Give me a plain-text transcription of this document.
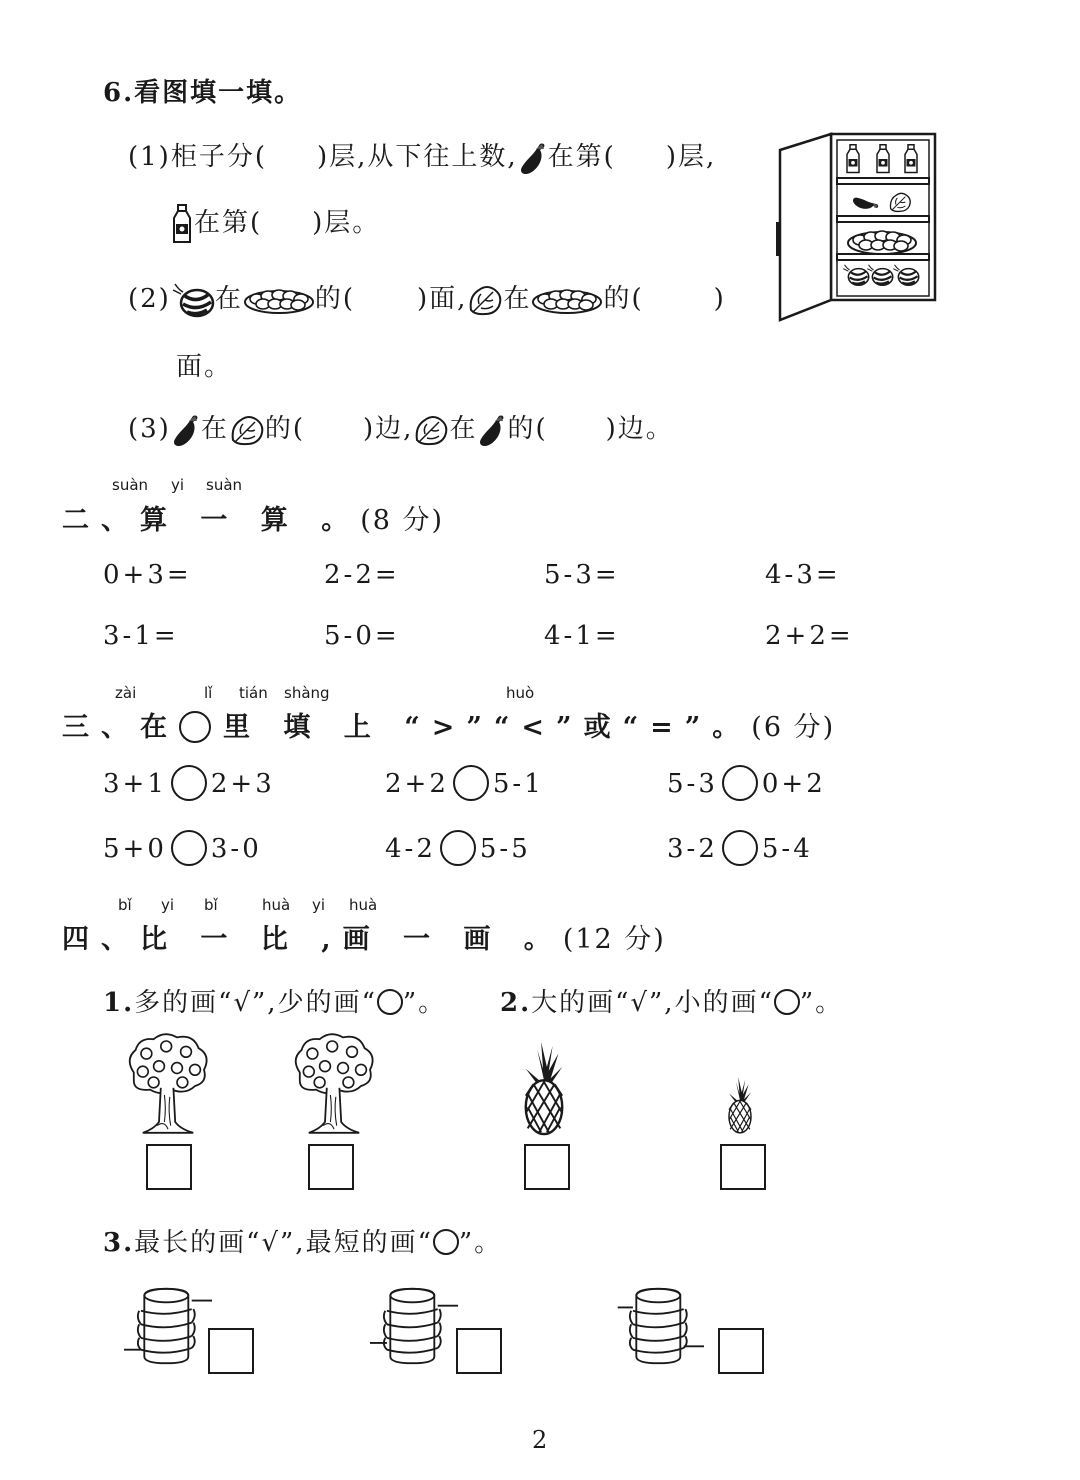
6.看图填一填。
(1)柜子分( )层,从下往上数, 在第( )层,
在第( )层。
(2) 在	的( )面, 在	的(	)
面。
(3) 在 的( )边, 在 的( )边。
suàn yi suàn
二、算 一 算 。(8 分)
0+3=	2-2=	5-3=	4-3=
3-1=	5-0=	4-1=	2+2=
zài	lǐ tián shàng	huò
三、在 里 填 上 “>”“<”或“=”。(6 分)
3+1 2+3	2+2 5-1	5-3 0+2
5+0 3-0	4-2 5-5	3-2 5-4
bǐ yi bǐ	huà yi huà
四、比 一 比 ,画 一 画 。(12 分)
1.多的画“√”,少的画“ ”。 2.大的画“√”,小的画“ ”。
3.最长的画“√”,最短的画“ ”。
2
